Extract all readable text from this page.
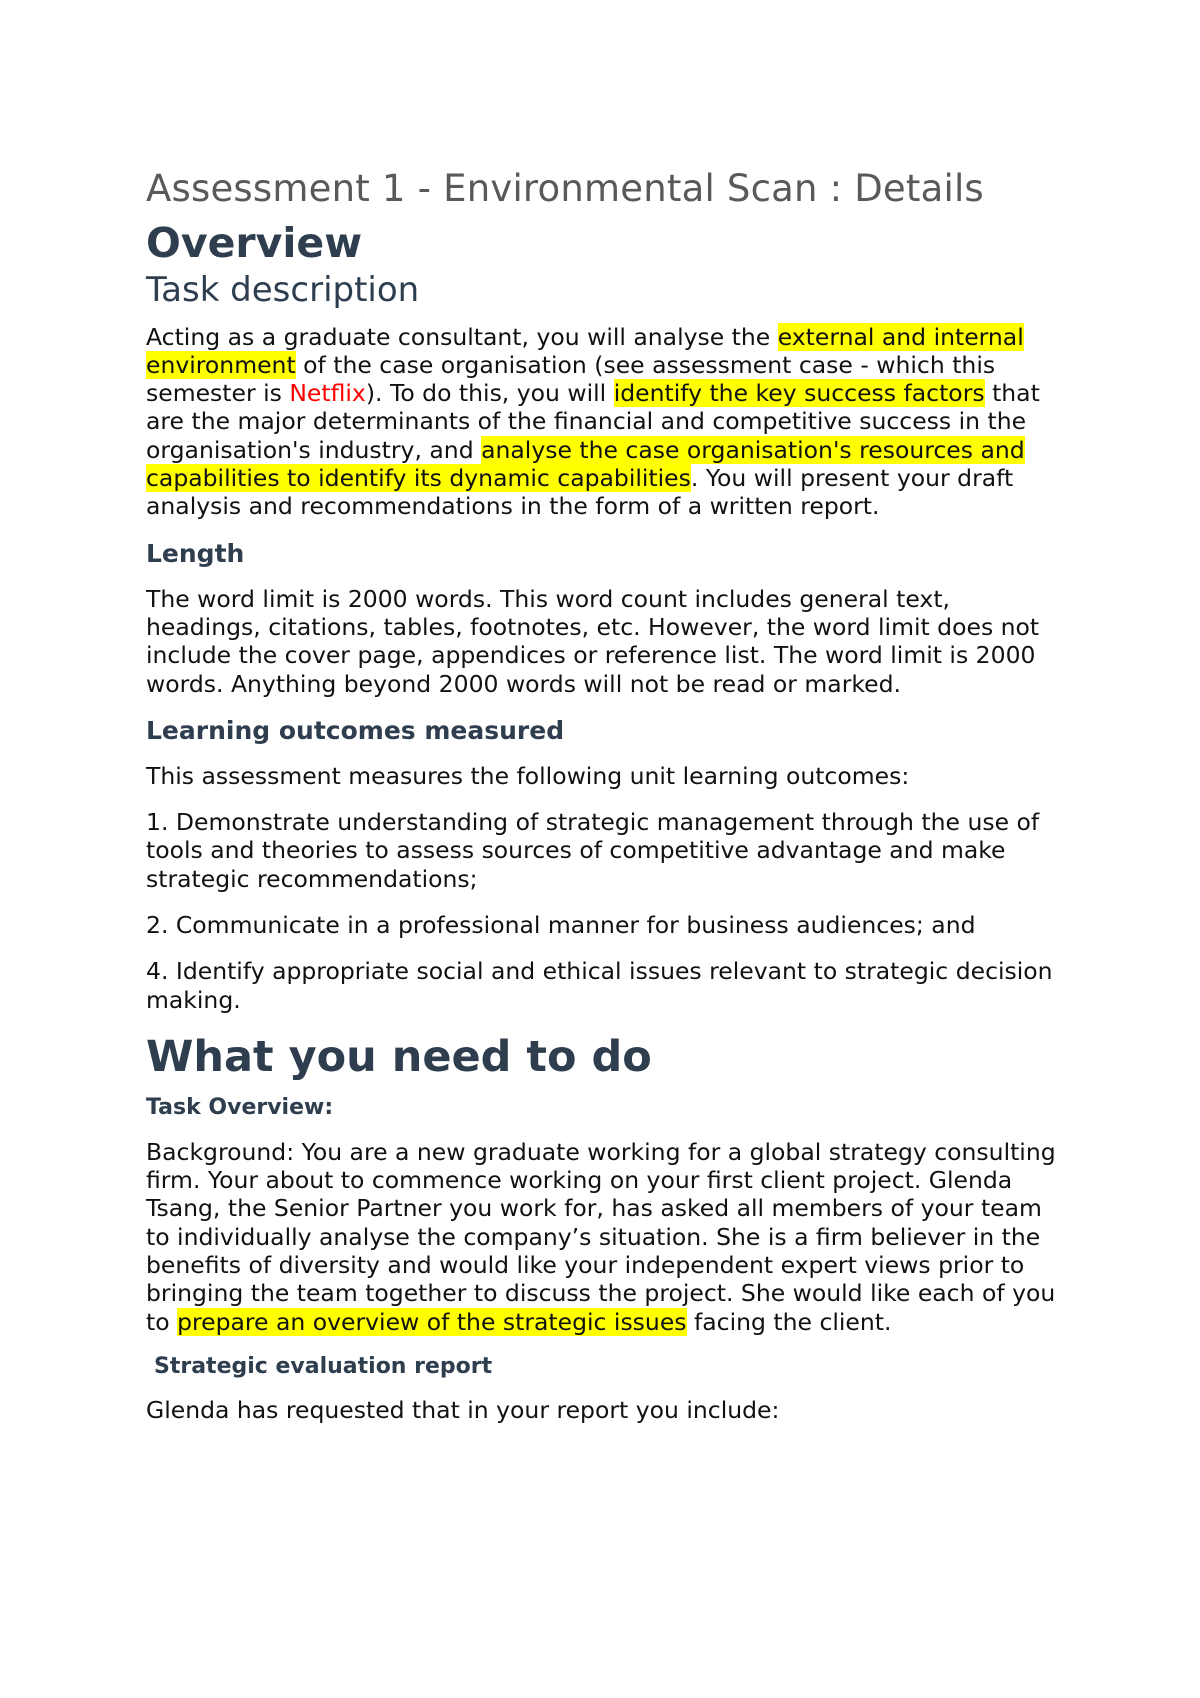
Assessment 1 - Environmental Scan : Details
Overview
Task description

Acting as a graduate consultant, you will analyse the external and internal environment of the case organisation (see assessment case - which this semester is Netflix). To do this, you will identify the key success factors that are the major determinants of the financial and competitive success in the organisation's industry, and analyse the case organisation's resources and capabilities to identify its dynamic capabilities. You will present your draft analysis and recommendations in the form of a written report.

Length

The word limit is 2000 words. This word count includes general text, headings, citations, tables, footnotes, etc. However, the word limit does not include the cover page, appendices or reference list. The word limit is 2000 words. Anything beyond 2000 words will not be read or marked.

Learning outcomes measured

This assessment measures the following unit learning outcomes:

1. Demonstrate understanding of strategic management through the use of tools and theories to assess sources of competitive advantage and make strategic recommendations;

2. Communicate in a professional manner for business audiences; and

4. Identify appropriate social and ethical issues relevant to strategic decision making.

What you need to do
Task Overview:

Background: You are a new graduate working for a global strategy consulting firm. Your about to commence working on your first client project. Glenda Tsang, the Senior Partner you work for, has asked all members of your team to individually analyse the company’s situation. She is a firm believer in the benefits of diversity and would like your independent expert views prior to bringing the team together to discuss the project. She would like each of you to prepare an overview of the strategic issues facing the client.

Strategic evaluation report

Glenda has requested that in your report you include:
